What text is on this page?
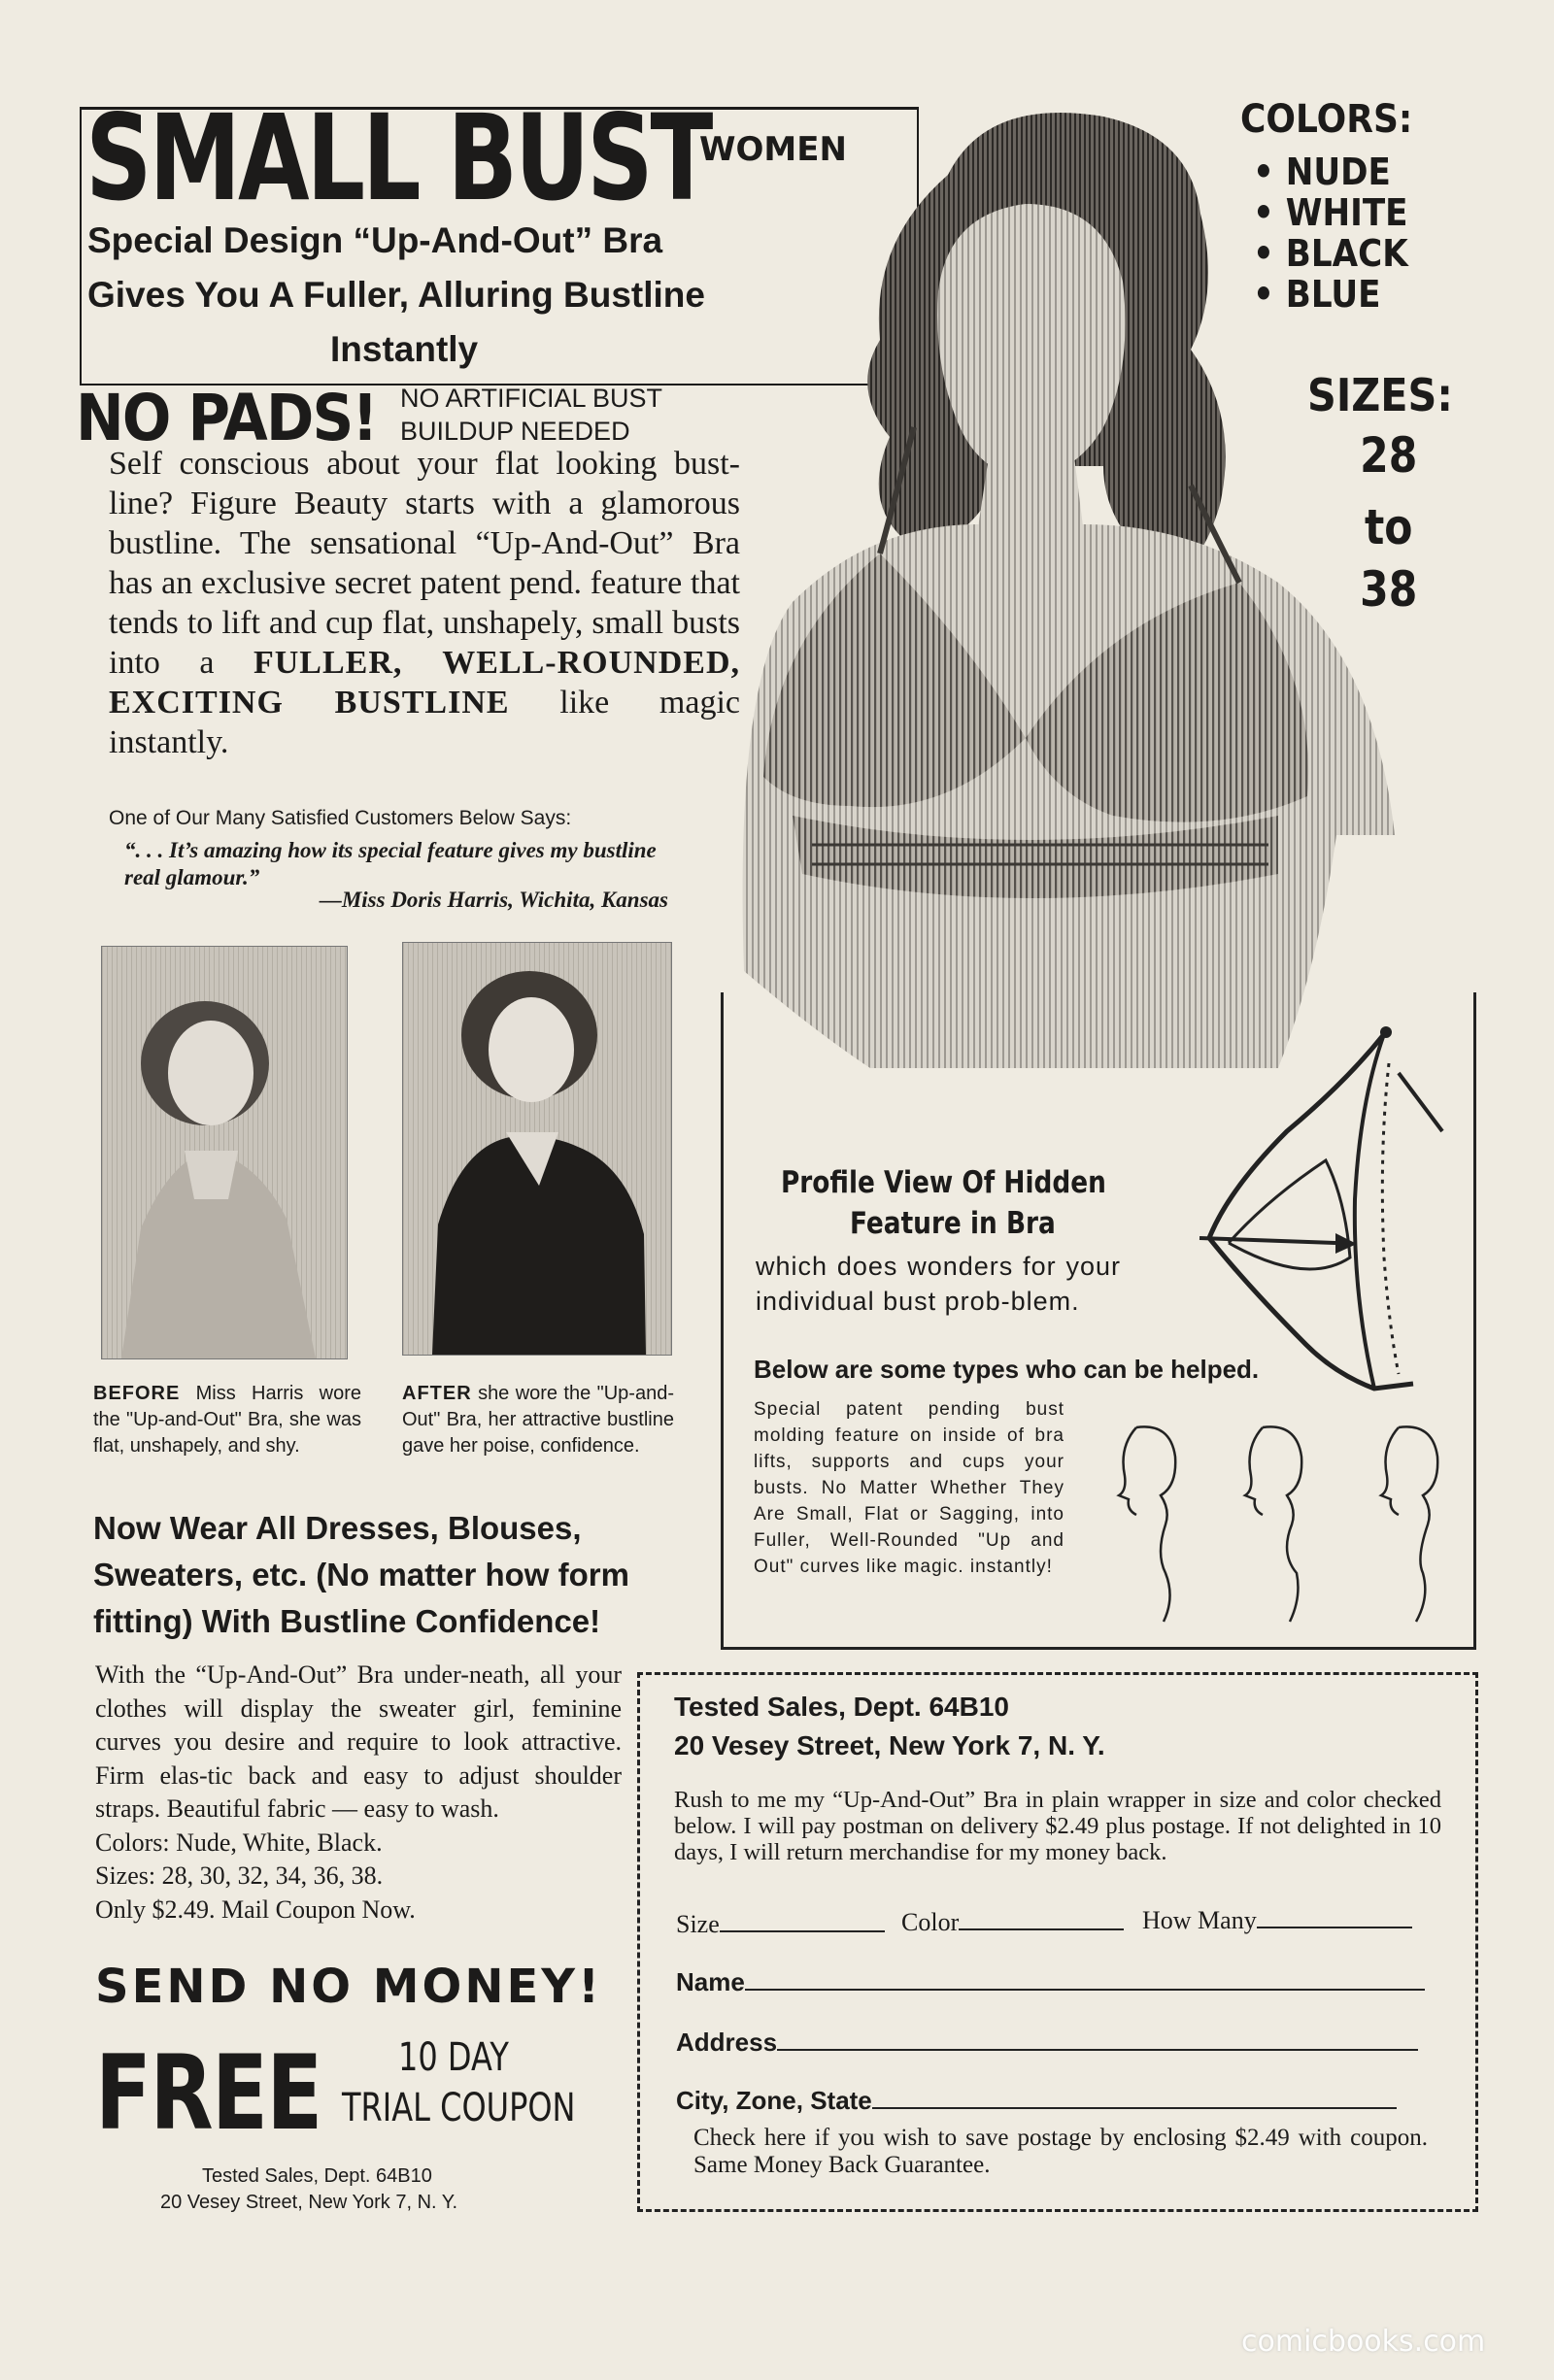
SMALL BUST
WOMEN
Special Design “Up-And-Out” Bra
Gives You A Fuller, Alluring Bustline
Instantly
NO PADS! NO ARTIFICIAL BUST BUILDUP NEEDED
Self conscious about your flat looking bust-line? Figure Beauty starts with a glamorous bustline. The sensational “Up-And-Out” Bra has an exclusive secret patent pend. feature that tends to lift and cup flat, unshapely, small busts into a FULLER, WELL-ROUNDED, EXCITING BUSTLINE like magic instantly.
One of Our Many Satisfied Customers Below Says:
“. . . It’s amazing how its special feature gives my bustline real glamour.”
—Miss Doris Harris, Wichita, Kansas
BEFORE Miss Harris wore the "Up-and-Out" Bra, she was flat, unshapely, and shy.
AFTER she wore the "Up-and-Out" Bra, her attractive bustline gave her poise, confidence.
Now Wear All Dresses, Blouses, Sweaters, etc. (No matter how form fitting) With Bustline Confidence!
With the “Up-And-Out” Bra under-neath, all your clothes will display the sweater girl, feminine curves you desire and require to look attractive. Firm elas-tic back and easy to adjust shoulder straps. Beautiful fabric — easy to wash.
Colors: Nude, White, Black.
Sizes: 28, 30, 32, 34, 36, 38.
Only $2.49. Mail Coupon Now.
SEND NO MONEY!
FREE 10 DAY
TRIAL COUPON
Tested Sales, Dept. 64B10
20 Vesey Street, New York 7, N. Y.
COLORS:
• NUDE
• WHITE
• BLACK
• BLUE
SIZES:
28
to
38
Profile View Of Hidden
Feature in Bra
which does wonders for your individual bust prob-blem.
Below are some types who can be helped.
Special patent pending bust molding feature on inside of bra lifts, supports and cups your busts. No Matter Whether They Are Small, Flat or Sagging, into Fuller, Well-Rounded "Up and Out" curves like magic. instantly!
Tested Sales, Dept. 64B10
20 Vesey Street, New York 7, N. Y.
Rush to me my “Up-And-Out” Bra in plain wrapper in size and color checked below. I will pay postman on delivery $2.49 plus postage. If not delighted in 10 days, I will return merchandise for my money back.
Size	Color	How Many
Name
Address
City, Zone, State
Check here if you wish to save postage by enclosing $2.49 with coupon. Same Money Back Guarantee.
comicbooks.com
